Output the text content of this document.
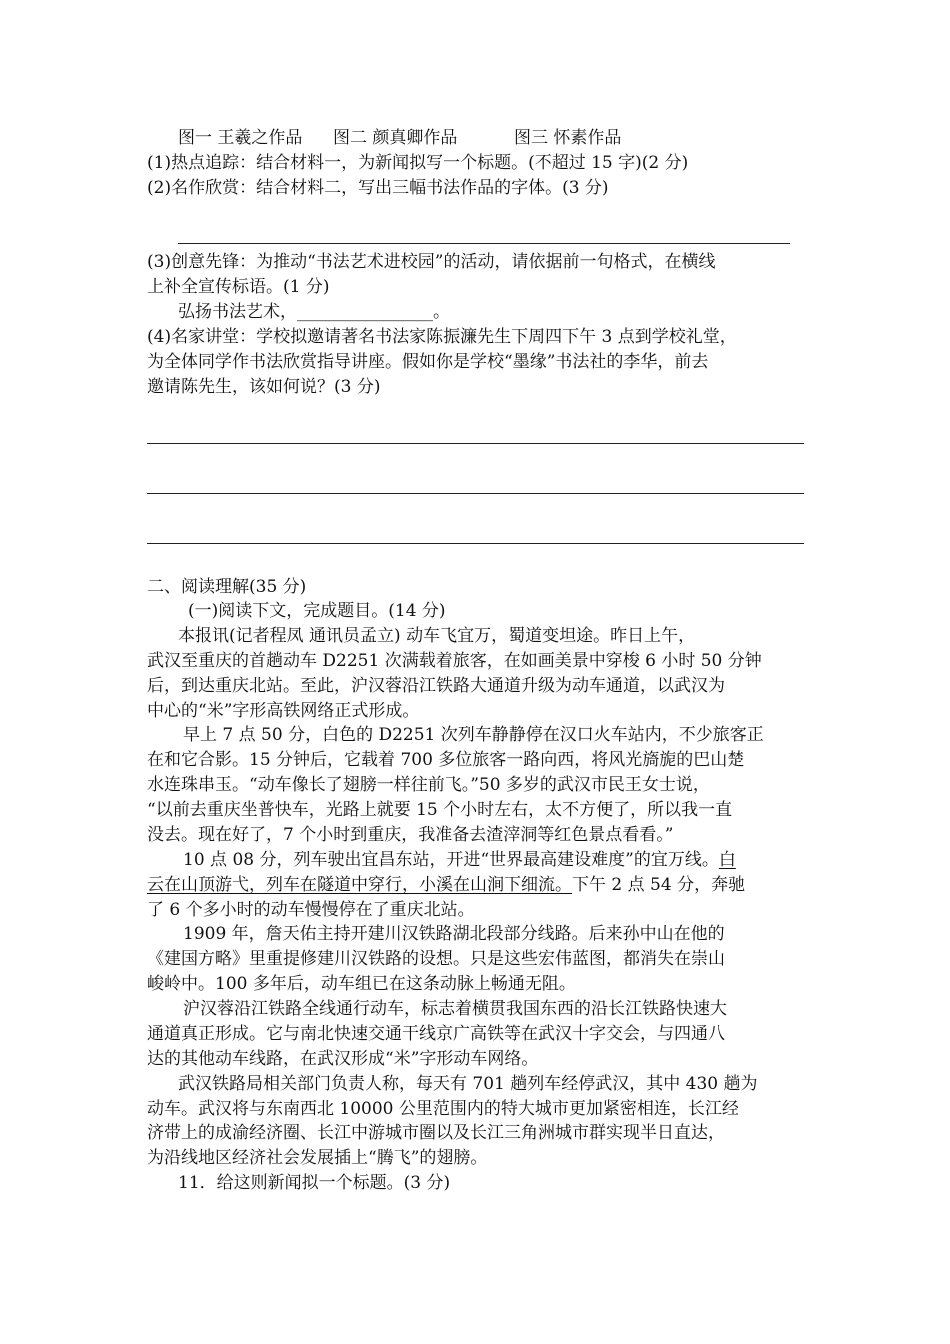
图一 王羲之作品 图二 颜真卿作品	图三 怀素作品
(1)热点追踪：结合材料一，为新闻拟写一个标题。(不超过 15 字)(2 分)
(2)名作欣赏：结合材料二，写出三幅书法作品的字体。(3 分)
(3)创意先锋：为推动“书法艺术进校园”的活动，请依据前一句格式，在横线
上补全宣传标语。(1 分)
弘扬书法艺术，________________。
(4)名家讲堂：学校拟邀请著名书法家陈振濂先生下周四下午 3 点到学校礼堂，
为全体同学作书法欣赏指导讲座。假如你是学校“墨缘”书法社的李华，前去
邀请陈先生，该如何说？(3 分)
二、阅读理解(35 分)
(一)阅读下文，完成题目。(14 分)
本报讯(记者程凤 通讯员孟立) 动车飞宜万，蜀道变坦途。昨日上午，
武汉至重庆的首趟动车 D2251 次满载着旅客，在如画美景中穿梭 6 小时 50 分钟
后，到达重庆北站。至此，沪汉蓉沿江铁路大通道升级为动车通道，以武汉为
中心的“米”字形高铁网络正式形成。
早上 7 点 50 分，白色的 D2251 次列车静静停在汉口火车站内，不少旅客正
在和它合影。15 分钟后，它载着 700 多位旅客一路向西，将风光旖旎的巴山楚
水连珠串玉。“动车像长了翅膀一样往前飞。”50 多岁的武汉市民王女士说，
“以前去重庆坐普快车，光路上就要 15 个小时左右，太不方便了，所以我一直
没去。现在好了，7 个小时到重庆，我准备去渣滓洞等红色景点看看。”
10 点 08 分，列车驶出宜昌东站，开进“世界最高建设难度”的宜万线。白
云在山顶游弋，列车在隧道中穿行，小溪在山涧下细流。下午 2 点 54 分，奔驰
了 6 个多小时的动车慢慢停在了重庆北站。
1909 年，詹天佑主持开建川汉铁路湖北段部分线路。后来孙中山在他的
《建国方略》里重提修建川汉铁路的设想。只是这些宏伟蓝图，都消失在崇山
峻岭中。100 多年后，动车组已在这条动脉上畅通无阻。
沪汉蓉沿江铁路全线通行动车，标志着横贯我国东西的沿长江铁路快速大
通道真正形成。它与南北快速交通干线京广高铁等在武汉十字交会，与四通八
达的其他动车线路，在武汉形成“米”字形动车网络。
武汉铁路局相关部门负责人称，每天有 701 趟列车经停武汉，其中 430 趟为
动车。武汉将与东南西北 10000 公里范围内的特大城市更加紧密相连，长江经
济带上的成渝经济圈、长江中游城市圈以及长江三角洲城市群实现半日直达，
为沿线地区经济社会发展插上“腾飞”的翅膀。
11．给这则新闻拟一个标题。(3 分)
